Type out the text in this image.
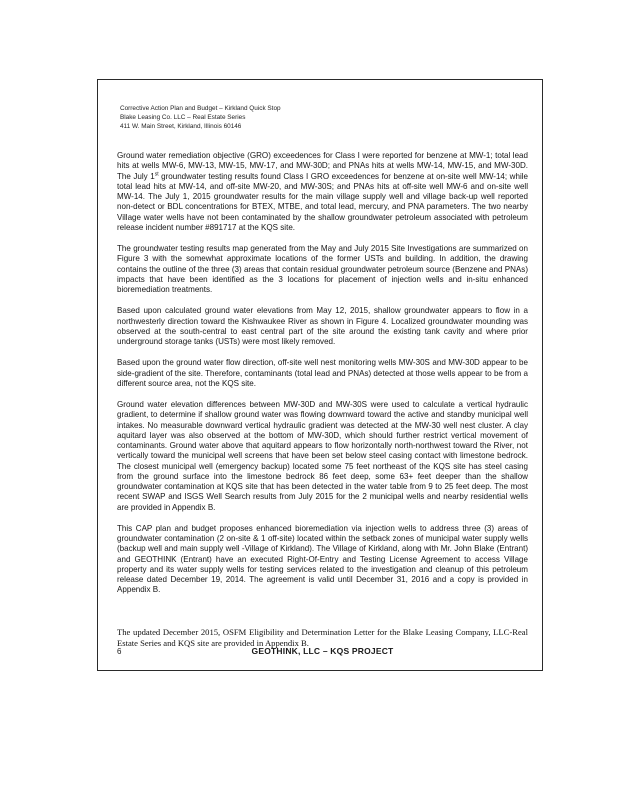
Corrective Action Plan and Budget – Kirkland Quick Stop
Blake Leasing Co. LLC – Real Estate Series
411 W. Main Street, Kirkland, Illinois 60146

Ground water remediation objective (GRO) exceedences for Class I were reported for benzene at MW-1; total lead hits at wells MW-6, MW-13, MW-15, MW-17, and MW-30D; and PNAs hits at wells MW-14, MW-15, and MW-30D. The July 1st groundwater testing results found Class I GRO exceedences for benzene at on-site well MW-14; while total lead hits at MW-14, and off-site MW-20, and MW-30S; and PNAs hits at off-site well MW-6 and on-site well MW-14. The July 1, 2015 groundwater results for the main village supply well and village back-up well reported non-detect or BDL concentrations for BTEX, MTBE, and total lead, mercury, and PNA parameters. The two nearby Village water wells have not been contaminated by the shallow groundwater petroleum associated with petroleum release incident number #891717 at the KQS site.

The groundwater testing results map generated from the May and July 2015 Site Investigations are summarized on Figure 3 with the somewhat approximate locations of the former USTs and building. In addition, the drawing contains the outline of the three (3) areas that contain residual groundwater petroleum source (Benzene and PNAs) impacts that have been identified as the 3 locations for placement of injection wells and in-situ enhanced bioremediation treatments.

Based upon calculated ground water elevations from May 12, 2015, shallow groundwater appears to flow in a northwesterly direction toward the Kishwaukee River as shown in Figure 4. Localized groundwater mounding was observed at the south-central to east central part of the site around the existing tank cavity and where prior underground storage tanks (USTs) were most likely removed.

Based upon the ground water flow direction, off-site well nest monitoring wells MW-30S and MW-30D appear to be side-gradient of the site. Therefore, contaminants (total lead and PNAs) detected at those wells appear to be from a different source area, not the KQS site.

Ground water elevation differences between MW-30D and MW-30S were used to calculate a vertical hydraulic gradient, to determine if shallow ground water was flowing downward toward the active and standby municipal well intakes. No measurable downward vertical hydraulic gradient was detected at the MW-30 well nest cluster. A clay aquitard layer was also observed at the bottom of MW-30D, which should further restrict vertical movement of contaminants. Ground water above that aquitard appears to flow horizontally north-northwest toward the River, not vertically toward the municipal well screens that have been set below steel casing contact with limestone bedrock. The closest municipal well (emergency backup) located some 75 feet northeast of the KQS site has steel casing from the ground surface into the limestone bedrock 86 feet deep, some 63+ feet deeper than the shallow groundwater contamination at KQS site that has been detected in the water table from 9 to 25 feet deep. The most recent SWAP and ISGS Well Search results from July 2015 for the 2 municipal wells and nearby residential wells are provided in Appendix B.

This CAP plan and budget proposes enhanced bioremediation via injection wells to address three (3) areas of groundwater contamination (2 on-site & 1 off-site) located within the setback zones of municipal water supply wells (backup well and main supply well -Village of Kirkland). The Village of Kirkland, along with Mr. John Blake (Entrant) and GEOTHINK (Entrant) have an executed Right-Of-Entry and Testing License Agreement to access Village property and its water supply wells for testing services related to the investigation and cleanup of this petroleum release dated December 19, 2014. The agreement is valid until December 31, 2016 and a copy is provided in Appendix B.

The updated December 2015, OSFM Eligibility and Determination Letter for the Blake Leasing Company, LLC-Real Estate Series and KQS site are provided in Appendix B.

6	GEOTHINK, LLC – KQS PROJECT
